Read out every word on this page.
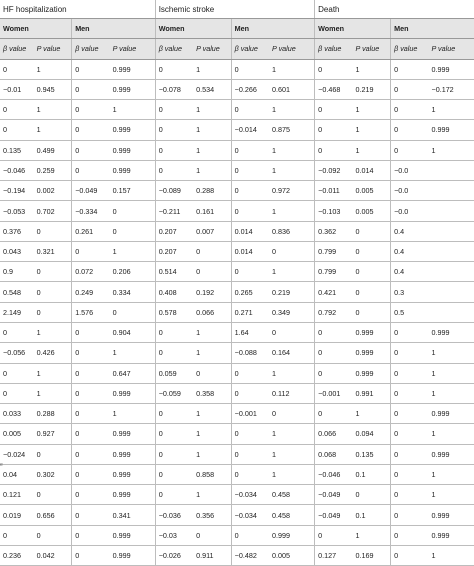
HF hospitalization				Ischemic stroke				Death			
Women		Men		Women		Men		Women		Men	
β value	P value	β value	P value	β value	P value	β value	P value	β value	P value	β value	P value
0	1	0	0.999	0	1	0	1	0	1	0	0.999
−0.01	0.945	0	0.999	−0.078	0.534	−0.266	0.601	−0.468	0.219	0	−0.172
0	1	0	1	0	1	0	1	0	1	0	1
0	1	0	0.999	0	1	−0.014	0.875	0	1	0	0.999
0.135	0.499	0	0.999	0	1	0	1	0	1	0	1
−0.046	0.259	0	0.999	0	1	0	1	−0.092	0.014	−0.0	
−0.194	0.002	−0.049	0.157	−0.089	0.288	0	0.972	−0.011	0.005	−0.0	
−0.053	0.702	−0.334	0	−0.211	0.161	0	1	−0.103	0.005	−0.0	
0.376	0	0.261	0	0.207	0.007	0.014	0.836	0.362	0	0.4	
0.043	0.321	0	1	0.207	0	0.014	0	0.799	0	0.4	
0.9	0	0.072	0.206	0.514	0	0	1	0.799	0	0.4	
0.548	0	0.249	0.334	0.408	0.192	0.265	0.219	0.421	0	0.3	
2.149	0	1.576	0	0.578	0.066	0.271	0.349	0.792	0	0.5	
0	1	0	0.904	0	1	1.64	0	0	0.999	0	0.999
−0.056	0.426	0	1	0	1	−0.088	0.164	0	0.999	0	1
0	1	0	0.647	0.059	0	0	1	0	0.999	0	1
0	1	0	0.999	−0.059	0.358	0	0.112	−0.001	0.991	0	1
0.033	0.288	0	1	0	1	−0.001	0	0	1	0	0.999
0.005	0.927	0	0.999	0	1	0	1	0.066	0.094	0	1
−0.024	0	0	0.999	0	1	0	1	0.068	0.135	0	0.999
0.04	0.302	0	0.999	0	0.858	0	1	−0.046	0.1	0	1
0.121	0	0	0.999	0	1	−0.034	0.458	−0.049	0	0	1
0.019	0.656	0	0.341	−0.036	0.356	−0.034	0.458	−0.049	0.1	0	0.999
0	0	0	0.999	−0.03	0	0	0.999	0	1	0	0.999
0.236	0.042	0	0.999	−0.026	0.911	−0.482	0.005	0.127	0.169	0	1
e
